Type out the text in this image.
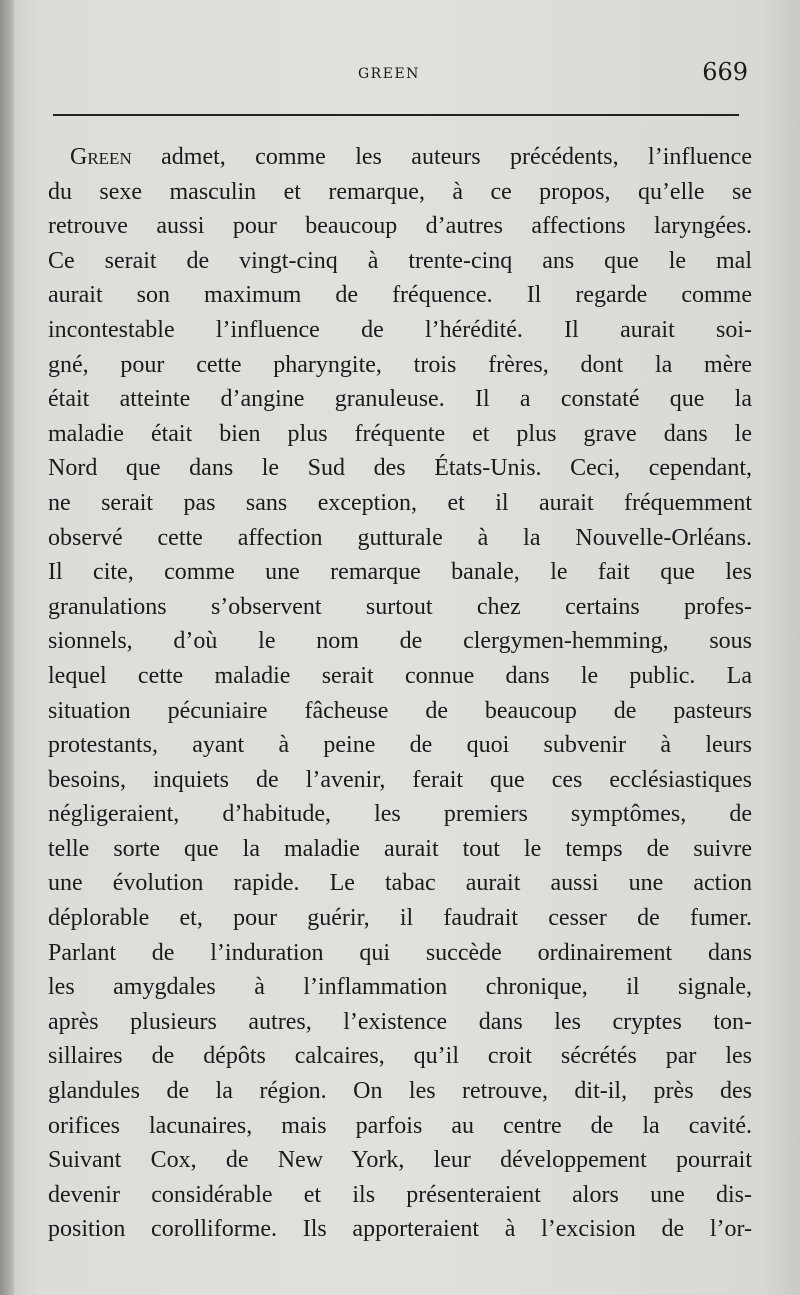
GREEN	669
Green admet, comme les auteurs précédents, l’influence
du sexe masculin et remarque, à ce propos, qu’elle se
retrouve aussi pour beaucoup d’autres affections laryngées.
Ce serait de vingt-cinq à trente-cinq ans que le mal
aurait son maximum de fréquence. Il regarde comme
incontestable l’influence de l’hérédité. Il aurait soi-
gné, pour cette pharyngite, trois frères, dont la mère
était atteinte d’angine granuleuse. Il a constaté que la
maladie était bien plus fréquente et plus grave dans le
Nord que dans le Sud des États-Unis. Ceci, cependant,
ne serait pas sans exception, et il aurait fréquemment
observé cette affection gutturale à la Nouvelle-Orléans.
Il cite, comme une remarque banale, le fait que les
granulations s’observent surtout chez certains profes-
sionnels, d’où le nom de clergymen-hemming, sous
lequel cette maladie serait connue dans le public. La
situation pécuniaire fâcheuse de beaucoup de pasteurs
protestants, ayant à peine de quoi subvenir à leurs
besoins, inquiets de l’avenir, ferait que ces ecclésiastiques
négligeraient, d’habitude, les premiers symptômes, de
telle sorte que la maladie aurait tout le temps de suivre
une évolution rapide. Le tabac aurait aussi une action
déplorable et, pour guérir, il faudrait cesser de fumer.
Parlant de l’induration qui succède ordinairement dans
les amygdales à l’inflammation chronique, il signale,
après plusieurs autres, l’existence dans les cryptes ton-
sillaires de dépôts calcaires, qu’il croit sécrétés par les
glandules de la région. On les retrouve, dit-il, près des
orifices lacunaires, mais parfois au centre de la cavité.
Suivant Cox, de New York, leur développement pourrait
devenir considérable et ils présenteraient alors une dis-
position corolliforme. Ils apporteraient à l’excision de l’or-
